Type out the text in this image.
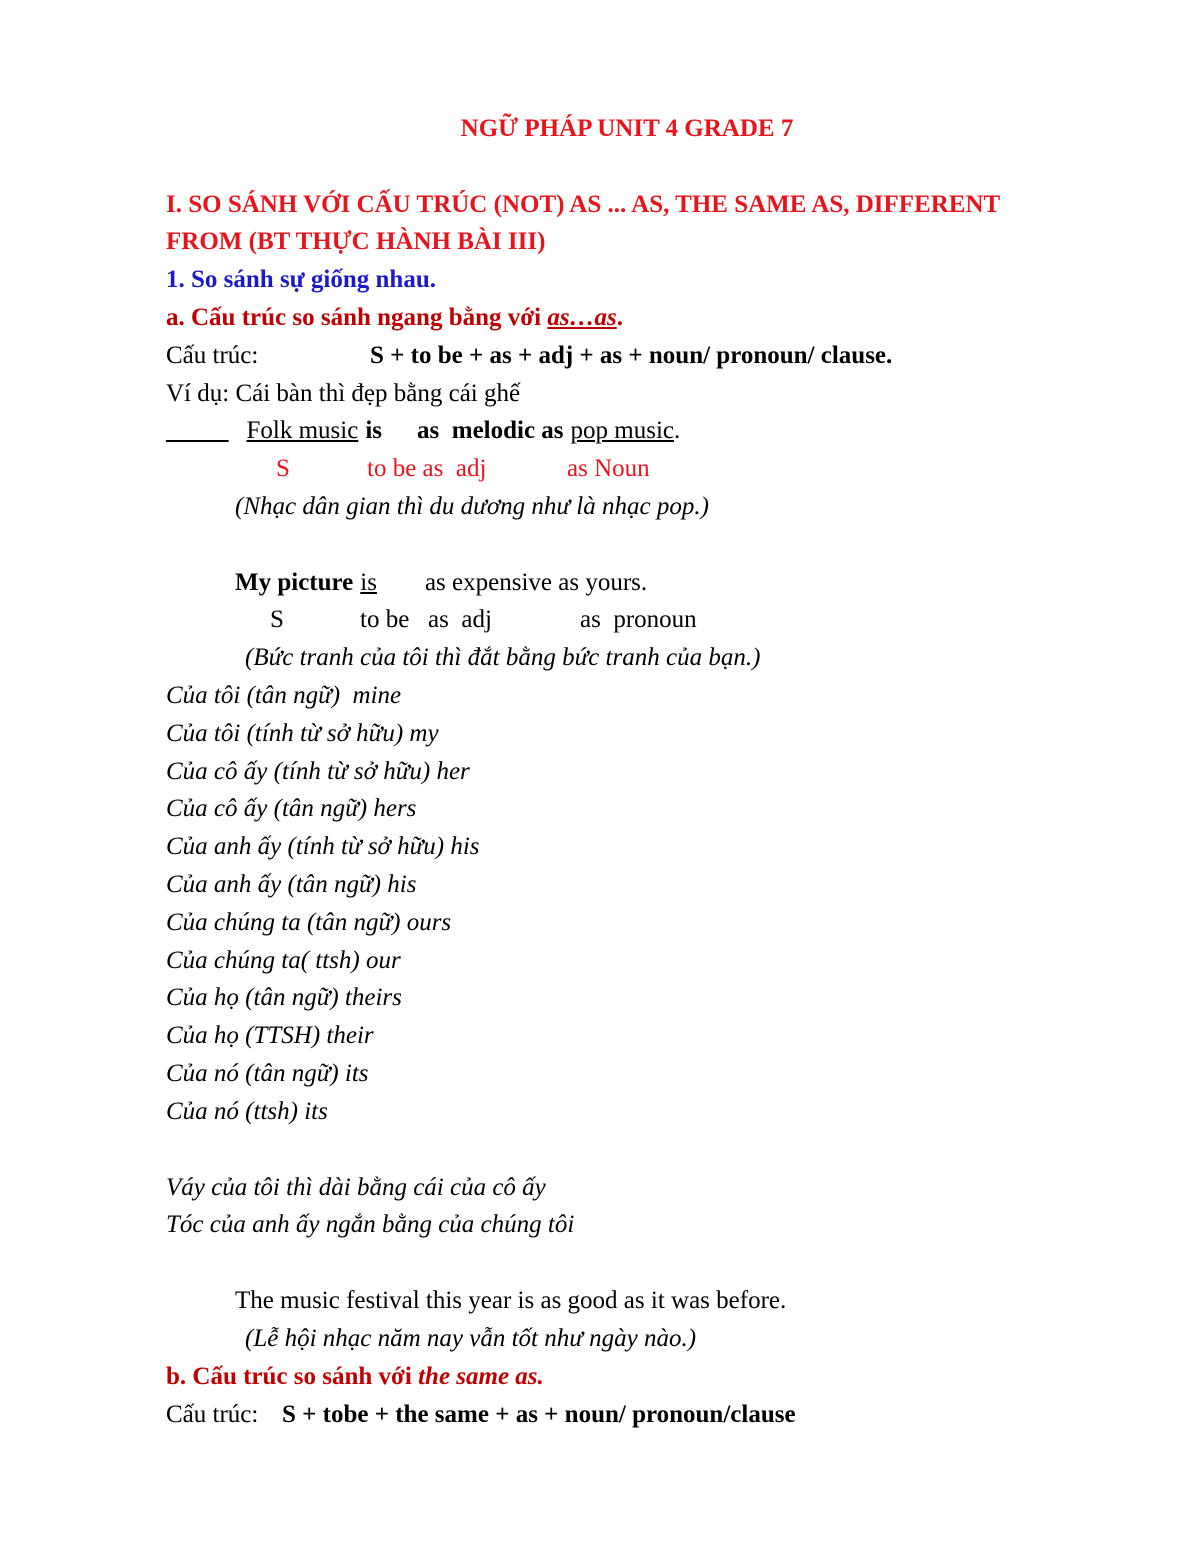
NGỮ PHÁP UNIT 4 GRADE 7
I. SO SÁNH VỚI CẤU TRÚC (NOT) AS ... AS, THE SAME AS, DIFFERENT
FROM (BT THỰC HÀNH BÀI III)
1. So sánh sự giống nhau.
a. Cấu trúc so sánh ngang bằng với as…as.
Cấu trúc:	S + to be + as + adj + as + noun/ pronoun/ clause.
Ví dụ: Cái bàn thì đẹp bằng cái ghế
_____ Folk music is as  melodic as pop music.
S	to be as  adj	as Noun
(Nhạc dân gian thì du dương như là nhạc pop.)
My picture is as expensive as yours.
S	to be   as  adj	as  pronoun
(Bức tranh của tôi thì đắt bằng bức tranh của bạn.)
Của tôi (tân ngữ)  mine
Của tôi (tính từ sở hữu) my
Của cô ấy (tính từ sở hữu) her
Của cô ấy (tân ngữ) hers
Của anh ấy (tính từ sở hữu) his
Của anh ấy (tân ngữ) his
Của chúng ta (tân ngữ) ours
Của chúng ta( ttsh) our
Của họ (tân ngữ) theirs
Của họ (TTSH) their
Của nó (tân ngữ) its
Của nó (ttsh) its
Váy của tôi thì dài bằng cái của cô ấy
Tóc của anh ấy ngắn bằng của chúng tôi
The music festival this year is as good as it was before.
(Lễ hội nhạc năm nay vẫn tốt như ngày nào.)
b. Cấu trúc so sánh với the same as.
Cấu trúc: S + tobe + the same + as + noun/ pronoun/clause
